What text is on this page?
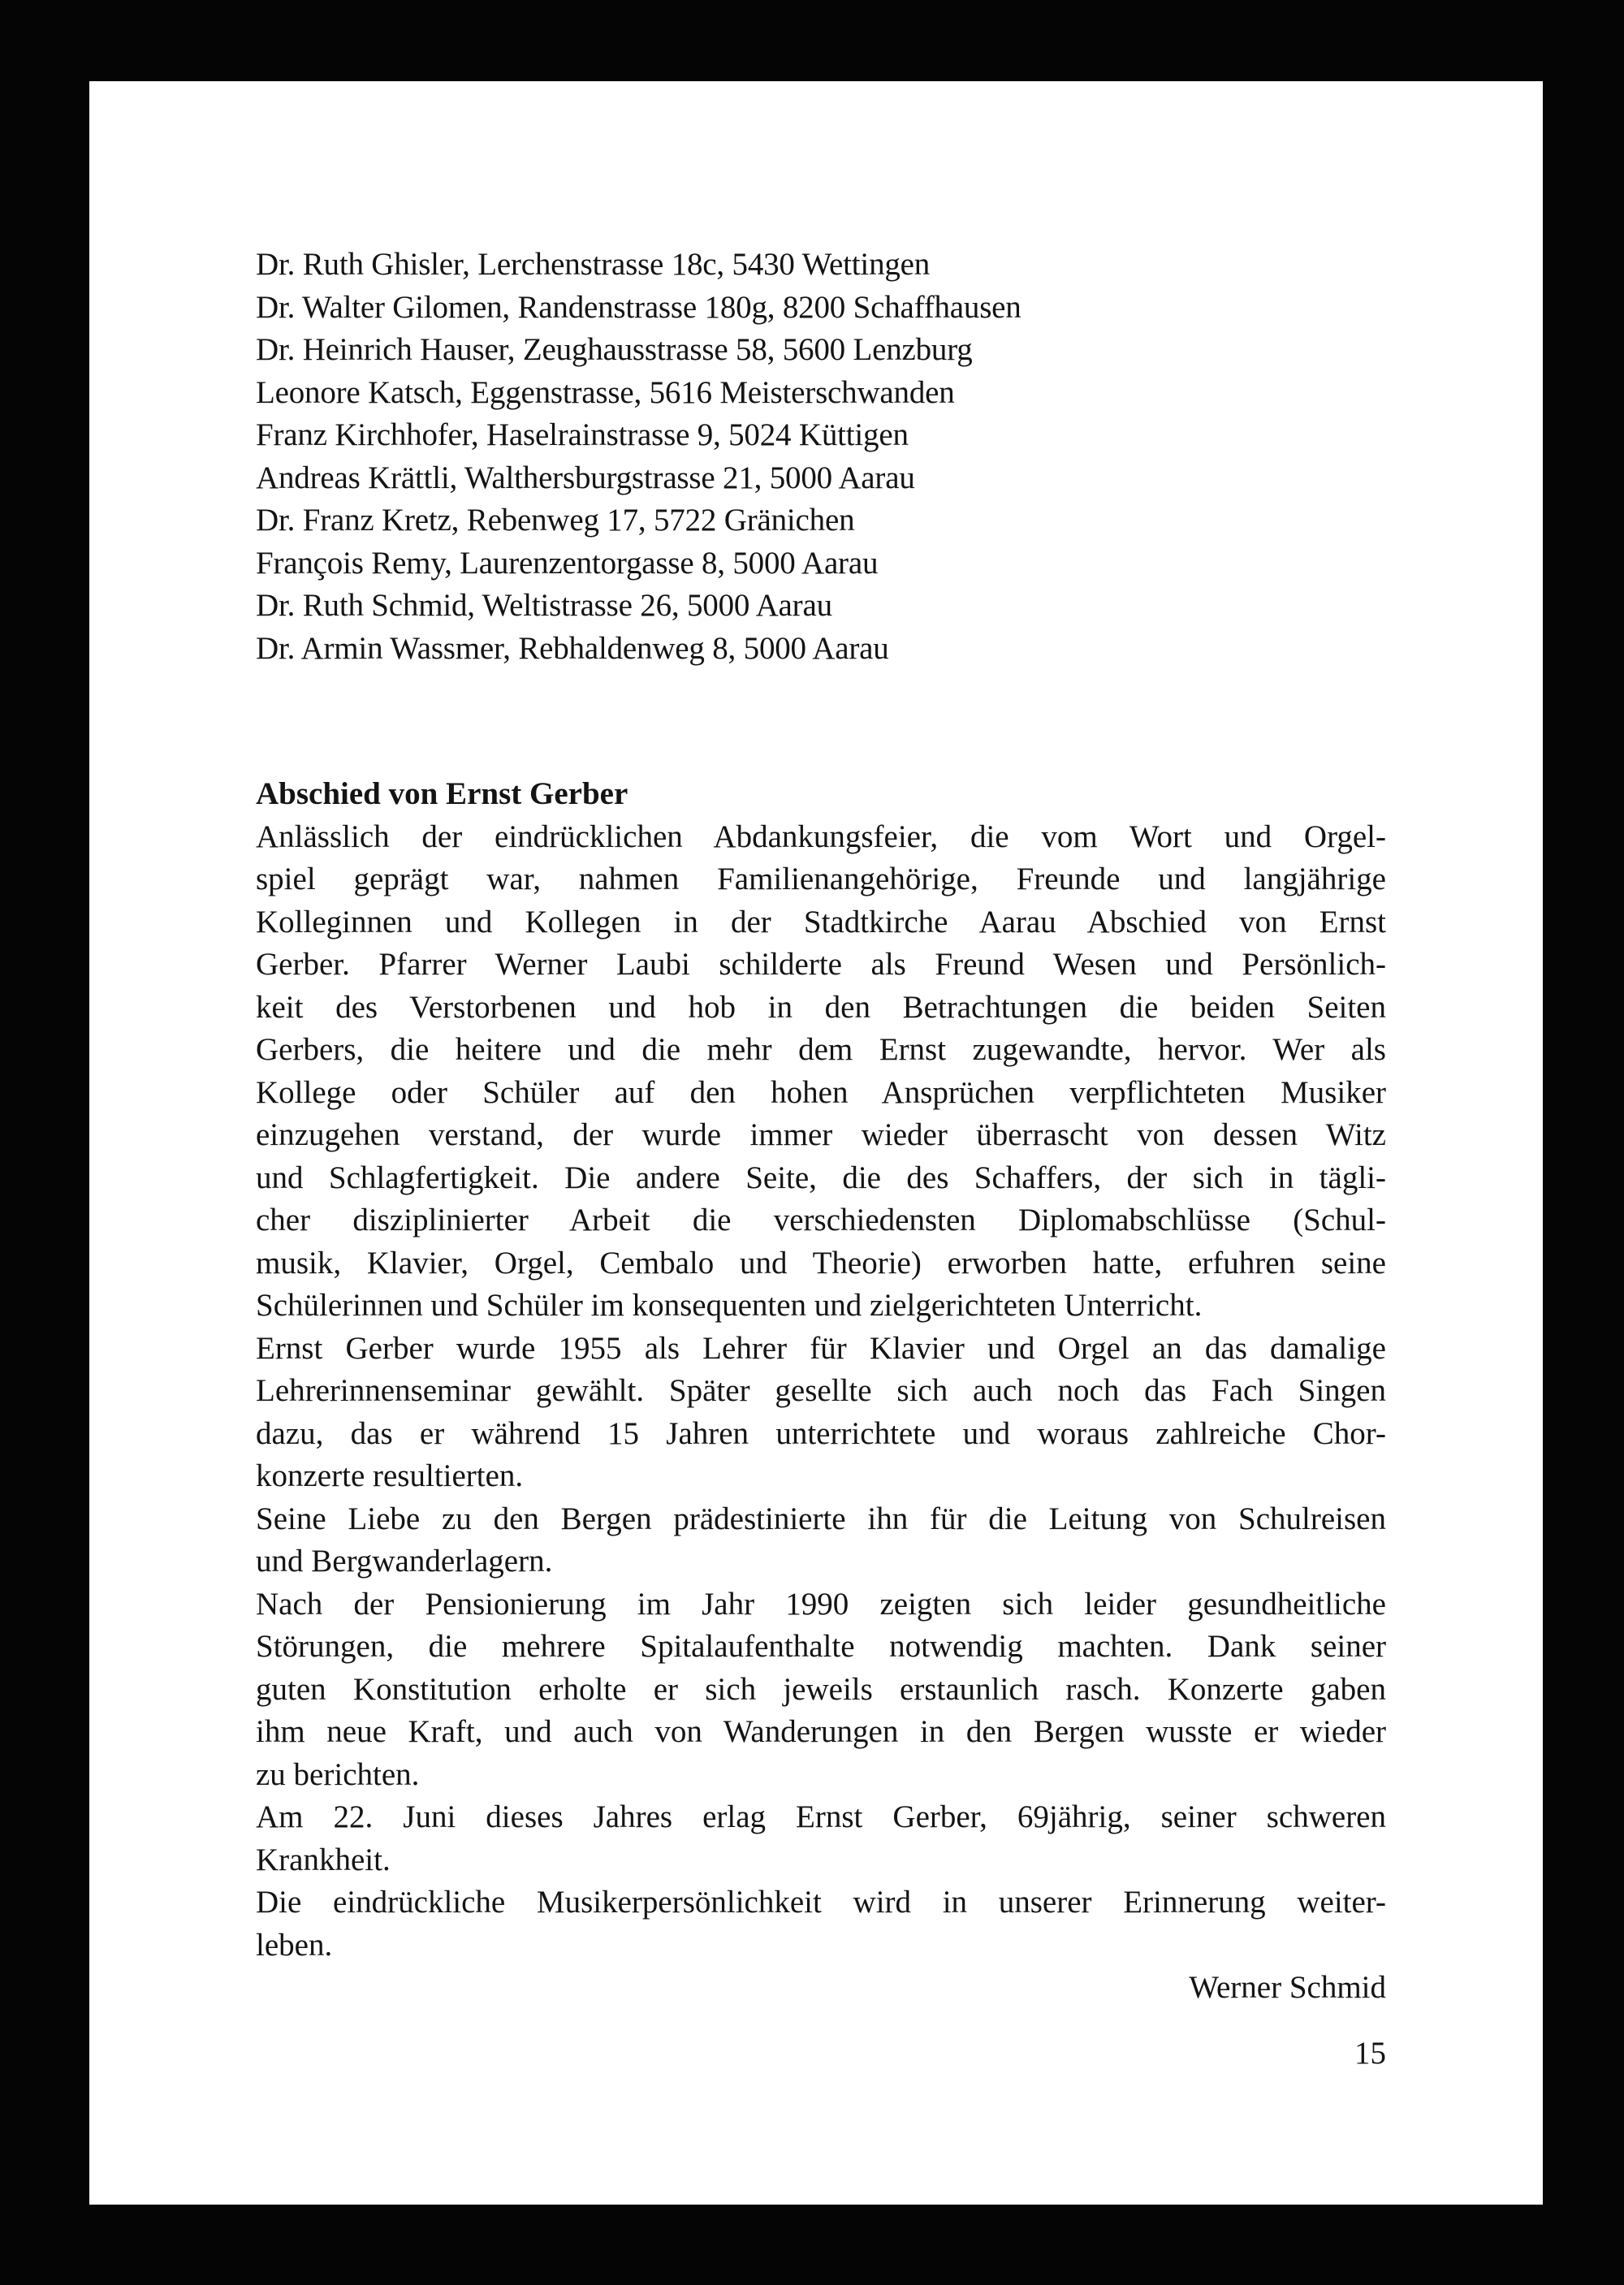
Dr. Ruth Ghisler, Lerchenstrasse 18c, 5430 Wettingen
Dr. Walter Gilomen, Randenstrasse 180g, 8200 Schaffhausen
Dr. Heinrich Hauser, Zeughausstrasse 58, 5600 Lenzburg
Leonore Katsch, Eggenstrasse, 5616 Meisterschwanden
Franz Kirchhofer, Haselrainstrasse 9, 5024 Küttigen
Andreas Krättli, Walthersburgstrasse 21, 5000 Aarau
Dr. Franz Kretz, Rebenweg 17, 5722 Gränichen
François Remy, Laurenzentorgasse 8, 5000 Aarau
Dr. Ruth Schmid, Weltistrasse 26, 5000 Aarau
Dr. Armin Wassmer, Rebhaldenweg 8, 5000 Aarau
Abschied von Ernst Gerber
Anlässlich der eindrücklichen Abdankungsfeier, die vom Wort und Orgel-
spiel geprägt war, nahmen Familienangehörige, Freunde und langjährige
Kolleginnen und Kollegen in der Stadtkirche Aarau Abschied von Ernst
Gerber. Pfarrer Werner Laubi schilderte als Freund Wesen und Persönlich-
keit des Verstorbenen und hob in den Betrachtungen die beiden Seiten
Gerbers, die heitere und die mehr dem Ernst zugewandte, hervor. Wer als
Kollege oder Schüler auf den hohen Ansprüchen verpflichteten Musiker
einzugehen verstand, der wurde immer wieder überrascht von dessen Witz
und Schlagfertigkeit. Die andere Seite, die des Schaffers, der sich in tägli-
cher disziplinierter Arbeit die verschiedensten Diplomabschlüsse (Schul-
musik, Klavier, Orgel, Cembalo und Theorie) erworben hatte, erfuhren seine
Schülerinnen und Schüler im konsequenten und zielgerichteten Unterricht.
Ernst Gerber wurde 1955 als Lehrer für Klavier und Orgel an das damalige
Lehrerinnenseminar gewählt. Später gesellte sich auch noch das Fach Singen
dazu, das er während 15 Jahren unterrichtete und woraus zahlreiche Chor-
konzerte resultierten.
Seine Liebe zu den Bergen prädestinierte ihn für die Leitung von Schulreisen
und Bergwanderlagern.
Nach der Pensionierung im Jahr 1990 zeigten sich leider gesundheitliche
Störungen, die mehrere Spitalaufenthalte notwendig machten. Dank seiner
guten Konstitution erholte er sich jeweils erstaunlich rasch. Konzerte gaben
ihm neue Kraft, und auch von Wanderungen in den Bergen wusste er wieder
zu berichten.
Am 22. Juni dieses Jahres erlag Ernst Gerber, 69jährig, seiner schweren
Krankheit.
Die eindrückliche Musikerpersönlichkeit wird in unserer Erinnerung weiter-
leben.
Werner Schmid
15
